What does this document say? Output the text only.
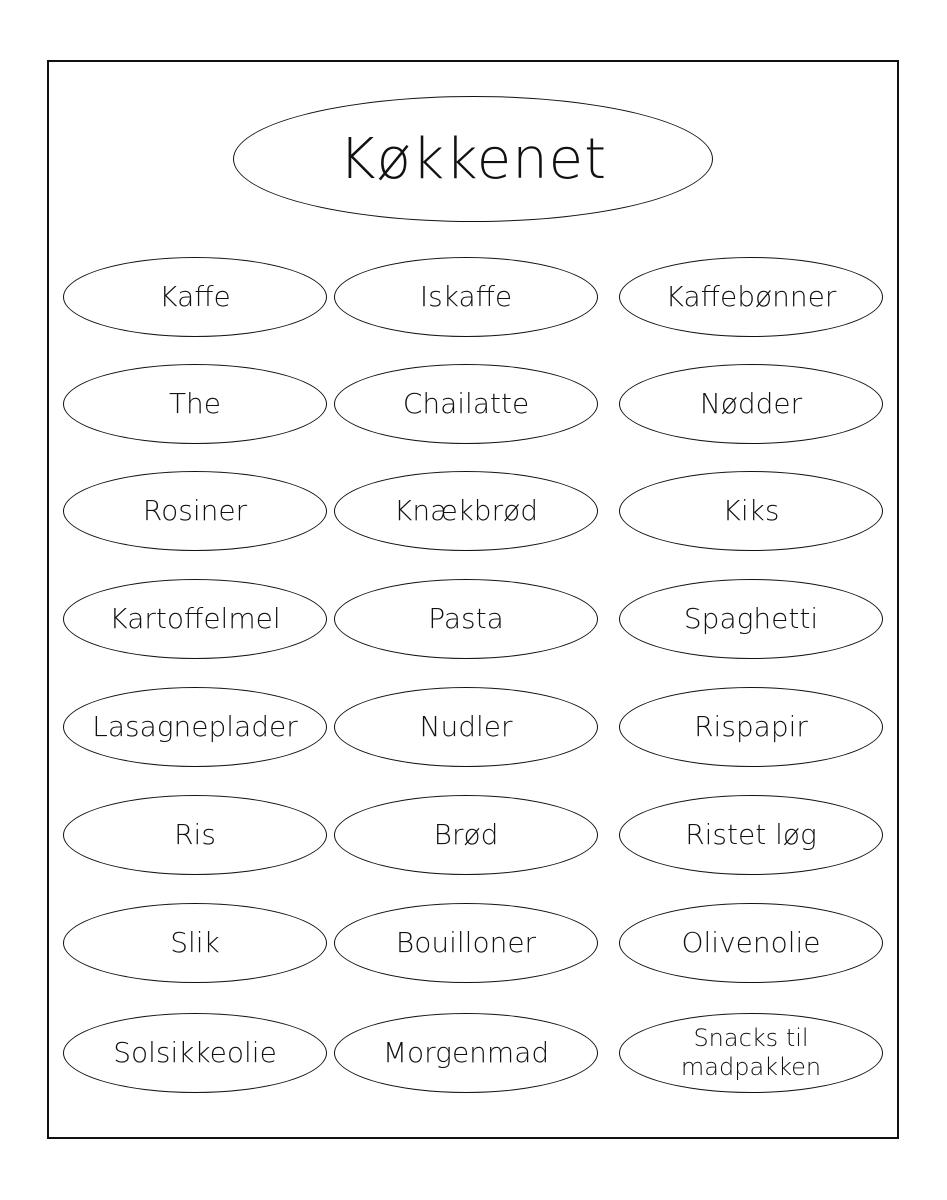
Køkkenet
Kaffe	Iskaffe	Kaffebønner
The	Chailatte	Nødder
Rosiner	Knækbrød	Kiks
Kartoffelmel	Pasta	Spaghetti
Lasagneplader	Nudler	Rispapir
Ris	Brød	Ristet løg
Slik	Bouilloner	Olivenolie
Solsikkeolie	Morgenmad	Snacks til
madpakken
